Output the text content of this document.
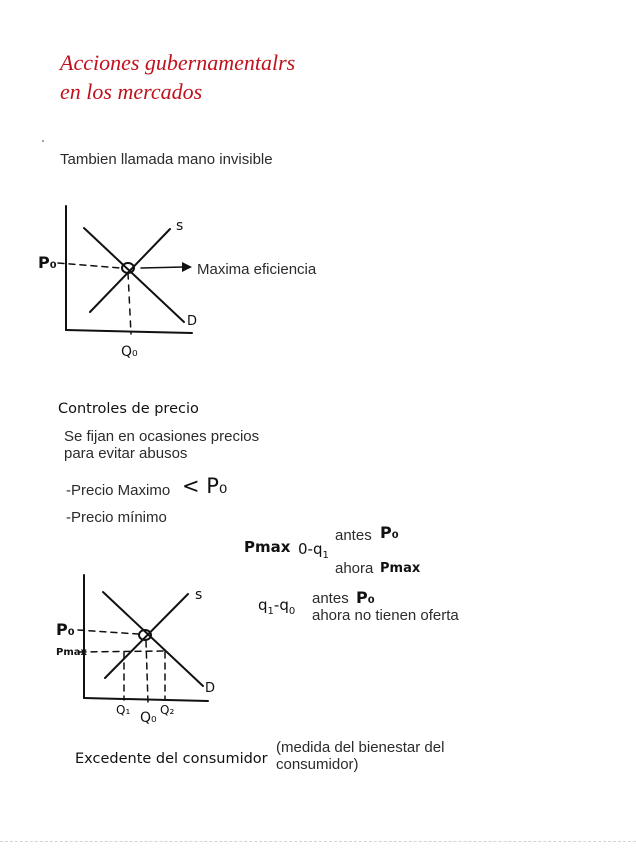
Acciones gubernamentalrs
en los mercados
Tambien llamada mano invisible
s
D
P₀
Q₀
Maxima eficiencia
Controles de precio
Se fijan en ocasiones precios
para evitar abusos
-Precio Maximo < P₀
-Precio mínimo
Pmax $0-q_1$
antes P₀
ahora Pmax
$q_1-q_0$
antes P₀
ahora no tienen oferta
s
D
P₀
Pmax
Q₁ Q₀ Q₂
Excedente del consumidor
(medida del bienestar del
consumidor)
